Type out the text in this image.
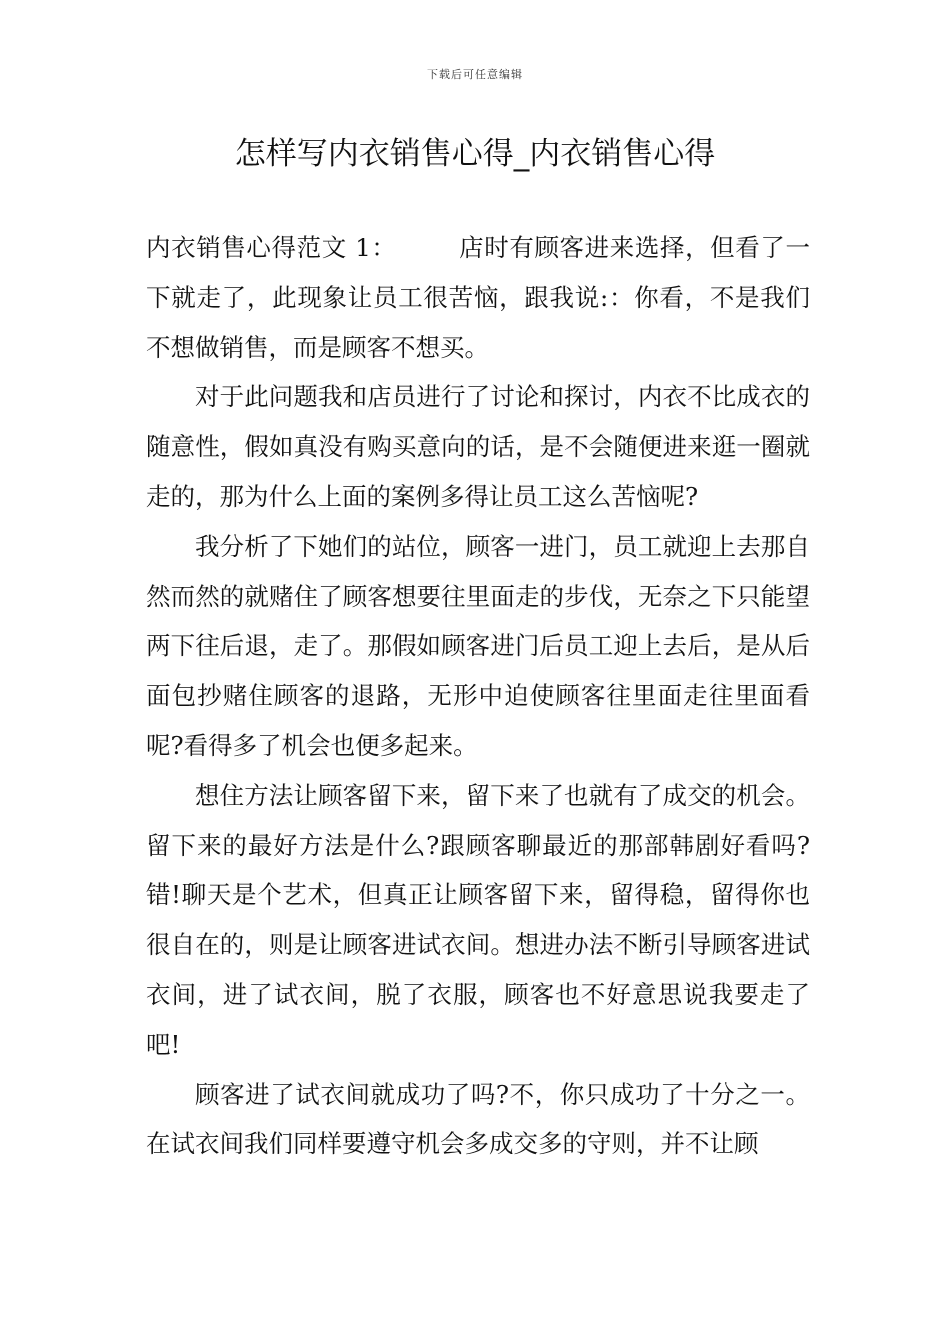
下载后可任意编辑
怎样写内衣销售心得_内衣销售心得

内衣销售心得范文 1：	店时有顾客进来选择，但看了一下就走了，此现象让员工很苦恼，跟我说:：你看，不是我们不想做销售，而是顾客不想买。

对于此问题我和店员进行了讨论和探讨，内衣不比成衣的随意性，假如真没有购买意向的话，是不会随便进来逛一圈就走的，那为什么上面的案例多得让员工这么苦恼呢?

我分析了下她们的站位，顾客一进门，员工就迎上去那自然而然的就赌住了顾客想要往里面走的步伐，无奈之下只能望两下往后退，走了。那假如顾客进门后员工迎上去后，是从后面包抄赌住顾客的退路，无形中迫使顾客往里面走往里面看呢?看得多了机会也便多起来。

想住方法让顾客留下来，留下来了也就有了成交的机会。留下来的最好方法是什么?跟顾客聊最近的那部韩剧好看吗?错!聊天是个艺术，但真正让顾客留下来，留得稳，留得你也很自在的，则是让顾客进试衣间。想进办法不断引导顾客进试衣间，进了试衣间，脱了衣服，顾客也不好意思说我要走了吧!

顾客进了试衣间就成功了吗?不，你只成功了十分之一。在试衣间我们同样要遵守机会多成交多的守则，并不让顾
